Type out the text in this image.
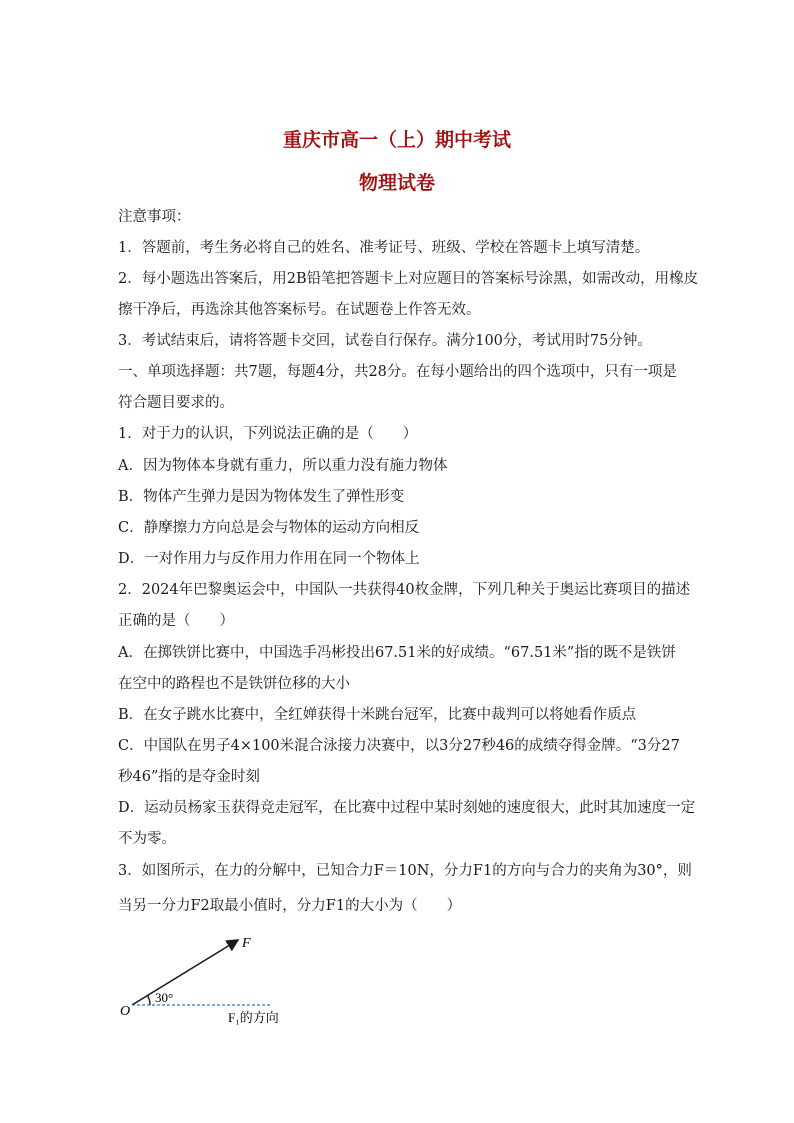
重庆市高一（上）期中考试
物理试卷
注意事项：
1．答题前，考生务必将自己的姓名、准考证号、班级、学校在答题卡上填写清楚。
2．每小题选出答案后，用2B铅笔把答题卡上对应题目的答案标号涂黑，如需改动，用橡皮
擦干净后，再选涂其他答案标号。在试题卷上作答无效。
3．考试结束后，请将答题卡交回，试卷自行保存。满分100分，考试用时75分钟。
一、单项选择题：共7题，每题4分，共28分。在每小题给出的四个选项中，只有一项是
符合题目要求的。
1．对于力的认识，下列说法正确的是（　　）
A．因为物体本身就有重力，所以重力没有施力物体
B．物体产生弹力是因为物体发生了弹性形变
C．静摩擦力方向总是会与物体的运动方向相反
D．一对作用力与反作用力作用在同一个物体上
2．2024年巴黎奥运会中，中国队一共获得40枚金牌，下列几种关于奥运比赛项目的描述
正确的是（　　）
A．在掷铁饼比赛中，中国选手冯彬投出67.51米的好成绩。“67.51米”指的既不是铁饼
在空中的路程也不是铁饼位移的大小
B．在女子跳水比赛中，全红婵获得十米跳台冠军，比赛中裁判可以将她看作质点
C．中国队在男子4×100米混合泳接力决赛中，以3分27秒46的成绩夺得金牌。“3分27
秒46”指的是夺金时刻
D．运动员杨家玉获得竞走冠军，在比赛中过程中某时刻她的速度很大，此时其加速度一定
不为零。
3．如图所示，在力的分解中，已知合力F＝10N，分力F1的方向与合力的夹角为30°，则
当另一分力F2取最小值时，分力F1的大小为（　　）
F
O
30°
F₁的方向
